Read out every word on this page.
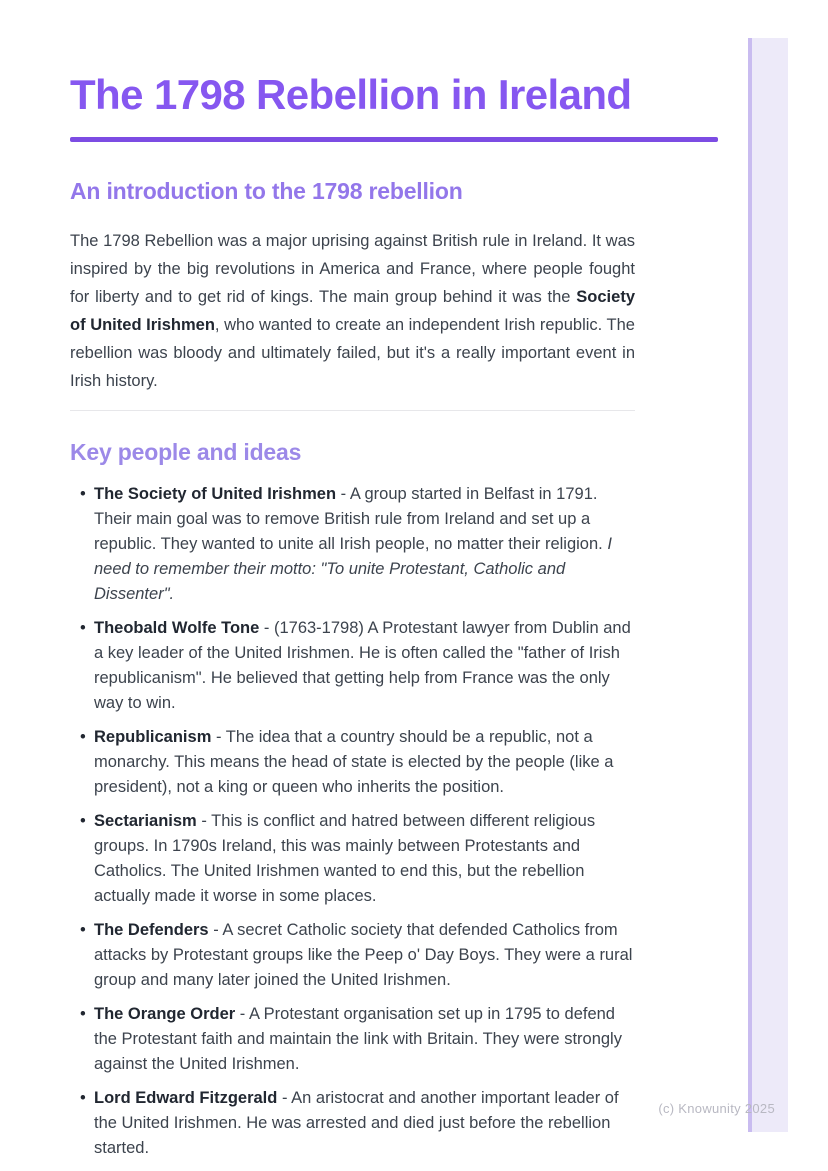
(c) Knowunity 2025
The 1798 Rebellion in Ireland
An introduction to the 1798 rebellion

The 1798 Rebellion was a major uprising against British rule in Ireland. It was inspired by the big revolutions in America and France, where people fought for liberty and to get rid of kings. The main group behind it was the Society of United Irishmen, who wanted to create an independent Irish republic. The rebellion was bloody and ultimately failed, but it's a really important event in Irish history.

Key people and ideas
• The Society of United Irishmen - A group started in Belfast in 1791. Their main goal was to remove British rule from Ireland and set up a republic. They wanted to unite all Irish people, no matter their religion. I need to remember their motto: "To unite Protestant, Catholic and Dissenter".
• Theobald Wolfe Tone - (1763-1798) A Protestant lawyer from Dublin and a key leader of the United Irishmen. He is often called the "father of Irish republicanism". He believed that getting help from France was the only way to win.
• Republicanism - The idea that a country should be a republic, not a monarchy. This means the head of state is elected by the people (like a president), not a king or queen who inherits the position.
• Sectarianism - This is conflict and hatred between different religious groups. In 1790s Ireland, this was mainly between Protestants and Catholics. The United Irishmen wanted to end this, but the rebellion actually made it worse in some places.
• The Defenders - A secret Catholic society that defended Catholics from attacks by Protestant groups like the Peep o' Day Boys. They were a rural group and many later joined the United Irishmen.
• The Orange Order - A Protestant organisation set up in 1795 to defend the Protestant faith and maintain the link with Britain. They were strongly against the United Irishmen.
• Lord Edward Fitzgerald - An aristocrat and another important leader of the United Irishmen. He was arrested and died just before the rebellion started.
